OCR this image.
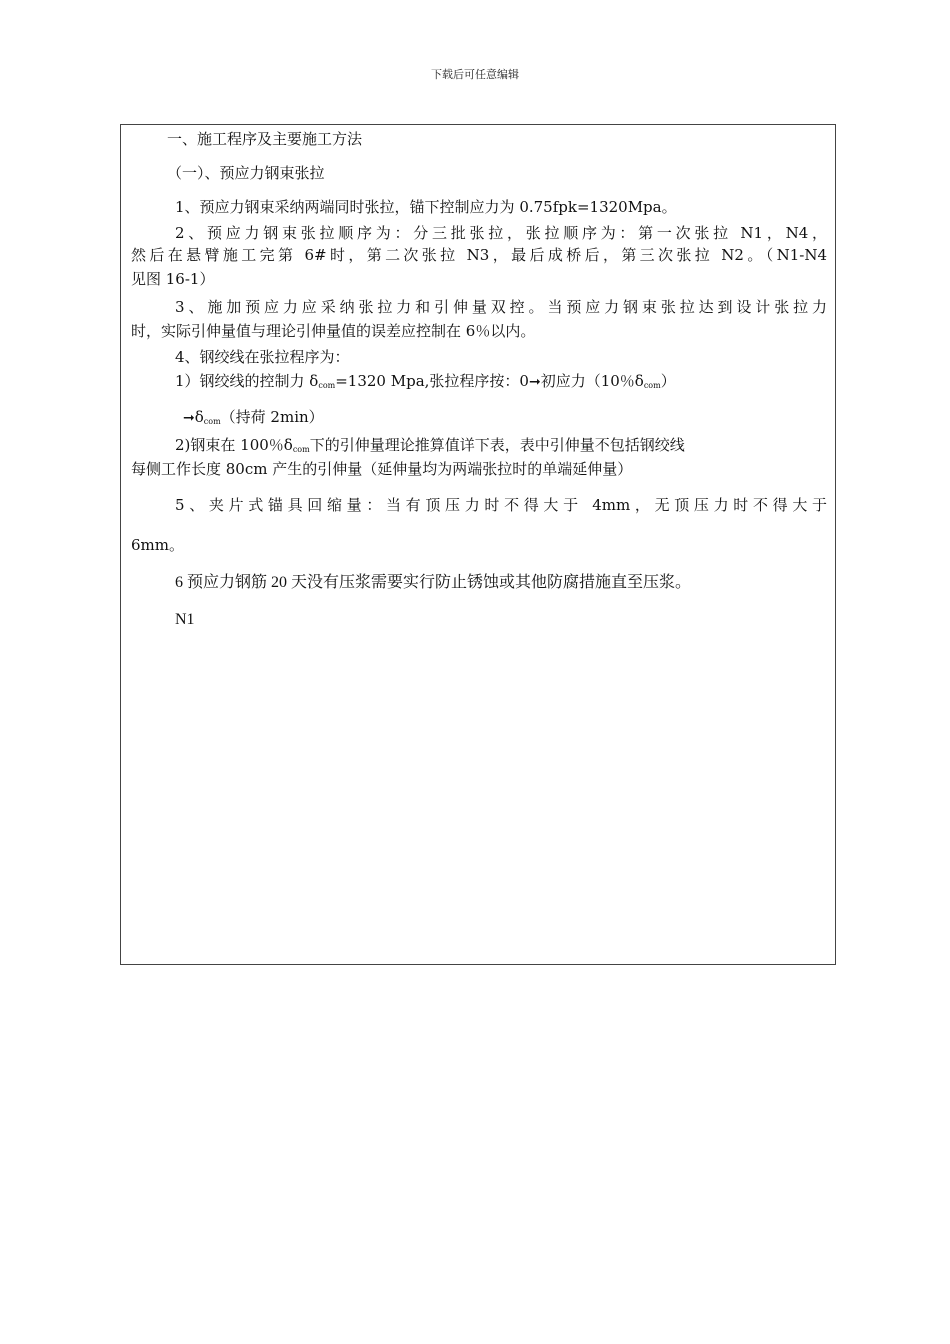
下载后可任意编辑
一、施工程序及主要施工方法
（一）、预应力钢束张拉
1、预应力钢束采纳两端同时张拉，锚下控制应力为 0.75fpk=1320Mpa。
2、预应力钢束张拉顺序为：分三批张拉，张拉顺序为：第一次张拉 N1，N4，
然后在悬臂施工完第 6#时，第二次张拉 N3，最后成桥后，第三次张拉 N2。（N1-N4
见图 16-1）
3、施加预应力应采纳张拉力和引伸量双控。当预应力钢束张拉达到设计张拉力
时，实际引伸量值与理论引伸量值的误差应控制在 6％以内。
4、钢绞线在张拉程序为：
1）钢绞线的控制力 $\delta_{com}=1320$ Mpa,张拉程序按：0➞初应力（10％$\delta_{com}$）
$➞\delta_{com}$（持荷 2min）
2)钢束在 100％$\delta_{com}$下的引伸量理论推算值详下表，表中引伸量不包括钢绞线
每侧工作长度 80cm 产生的引伸量（延伸量均为两端张拉时的单端延伸量）
5、夹片式锚具回缩量：当有顶压力时不得大于 4mm，无顶压力时不得大于
6mm。
6 预应力钢筋 20 天没有压浆需要实行防止锈蚀或其他防腐措施直至压浆。
N1
